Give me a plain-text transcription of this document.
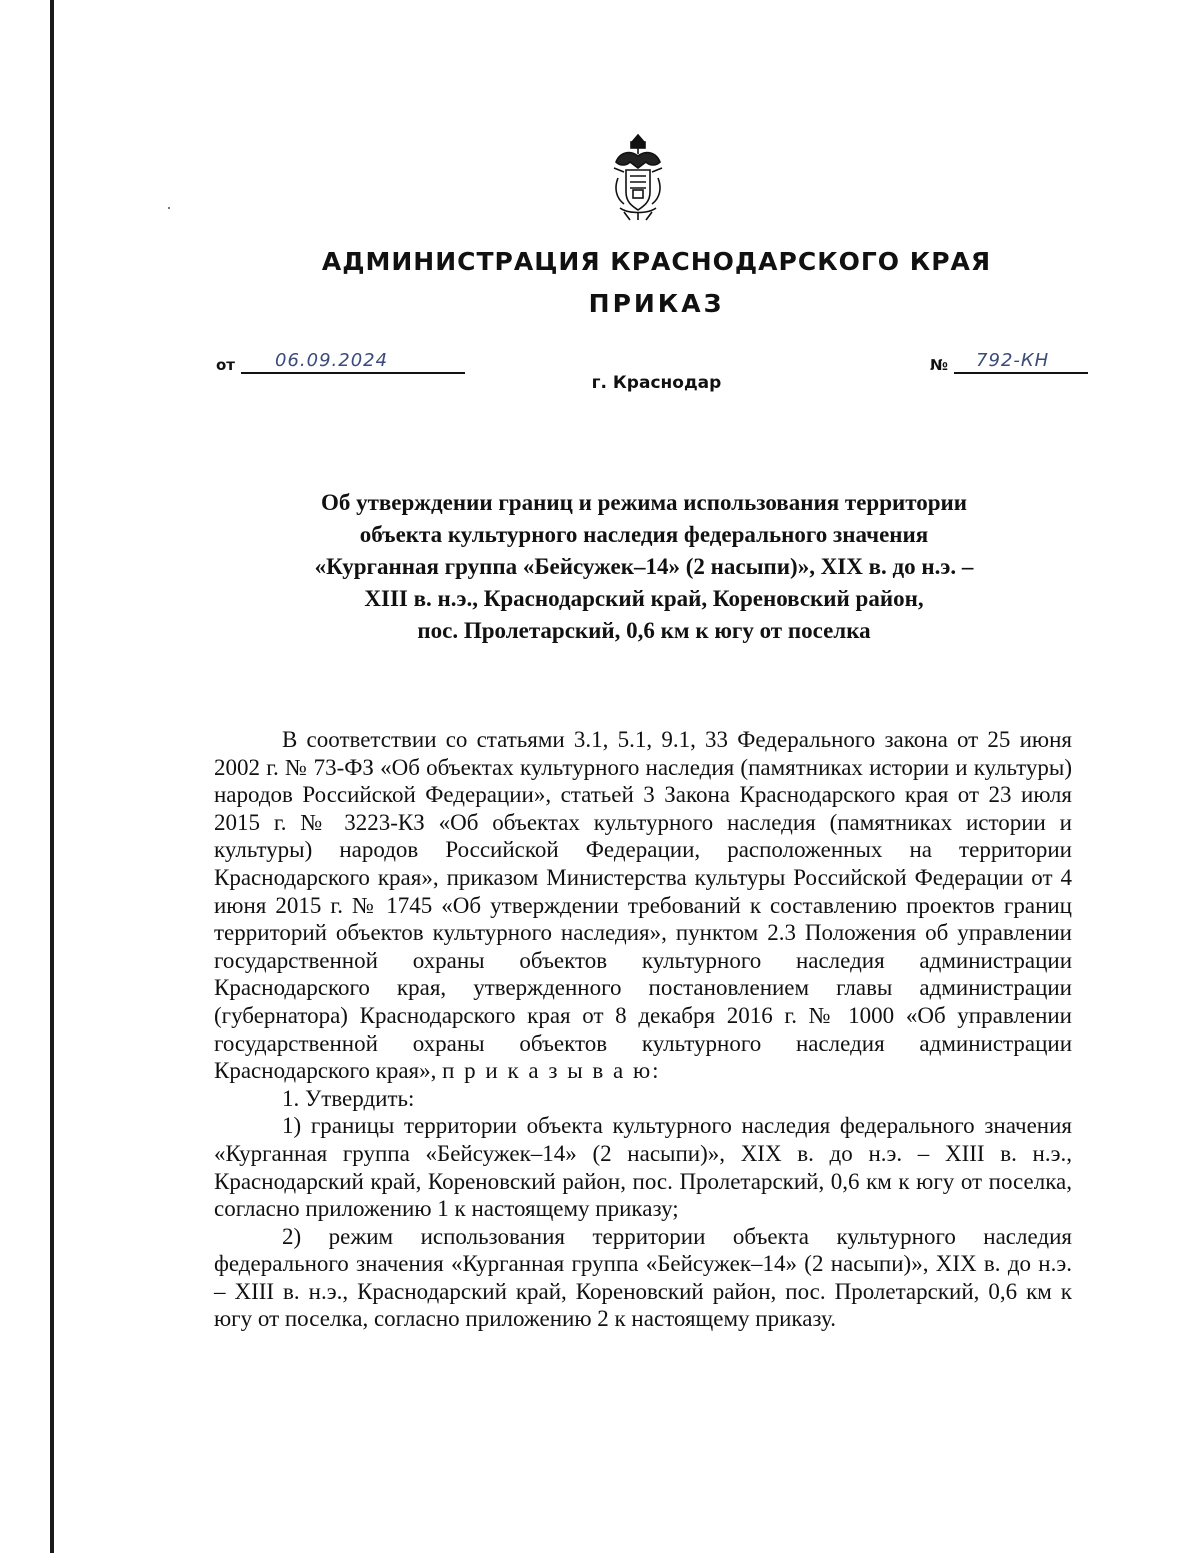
АДМИНИСТРАЦИЯ КРАСНОДАРСКОГО КРАЯ
ПРИКАЗ
от 06.09.2024	№ 792-КН
г. Краснодар
Об утверждении границ и режима использования территории
объекта культурного наследия федерального значения
«Курганная группа «Бейсужек–14» (2 насыпи)», XIX в. до н.э. –
XIII в. н.э., Краснодарский край, Кореновский район,
пос. Пролетарский, 0,6 км к югу от поселка

В соответствии со статьями 3.1, 5.1, 9.1, 33 Федерального закона от 25 июня 2002 г. № 73-ФЗ «Об объектах культурного наследия (памятниках истории и культуры) народов Российской Федерации», статьей 3 Закона Краснодарского края от 23 июля 2015 г. № 3223-КЗ «Об объектах культурного наследия (памятниках истории и культуры) народов Российской Федерации, расположенных на территории Краснодарского края», приказом Министерства культуры Российской Федерации от 4 июня 2015 г. № 1745 «Об утверждении требований к составлению проектов границ территорий объектов культурного наследия», пунктом 2.3 Положения об управлении государственной охраны объектов культурного наследия администрации Краснодарского края, утвержденного постановлением главы администрации (губернатора) Краснодарского края от 8 декабря 2016 г. № 1000 «Об управлении государственной охраны объектов культурного наследия администрации Краснодарского края», п р и к а з ы в а ю:

1. Утвердить:

1) границы территории объекта культурного наследия федерального значения «Курганная группа «Бейсужек–14» (2 насыпи)», XIX в. до н.э. – XIII в. н.э., Краснодарский край, Кореновский район, пос. Пролетарский, 0,6 км к югу от поселка, согласно приложению 1 к настоящему приказу;

2) режим использования территории объекта культурного наследия федерального значения «Курганная группа «Бейсужек–14» (2 насыпи)», XIX в. до н.э. – XIII в. н.э., Краснодарский край, Кореновский район, пос. Пролетарский, 0,6 км к югу от поселка, согласно приложению 2 к настоящему приказу.
